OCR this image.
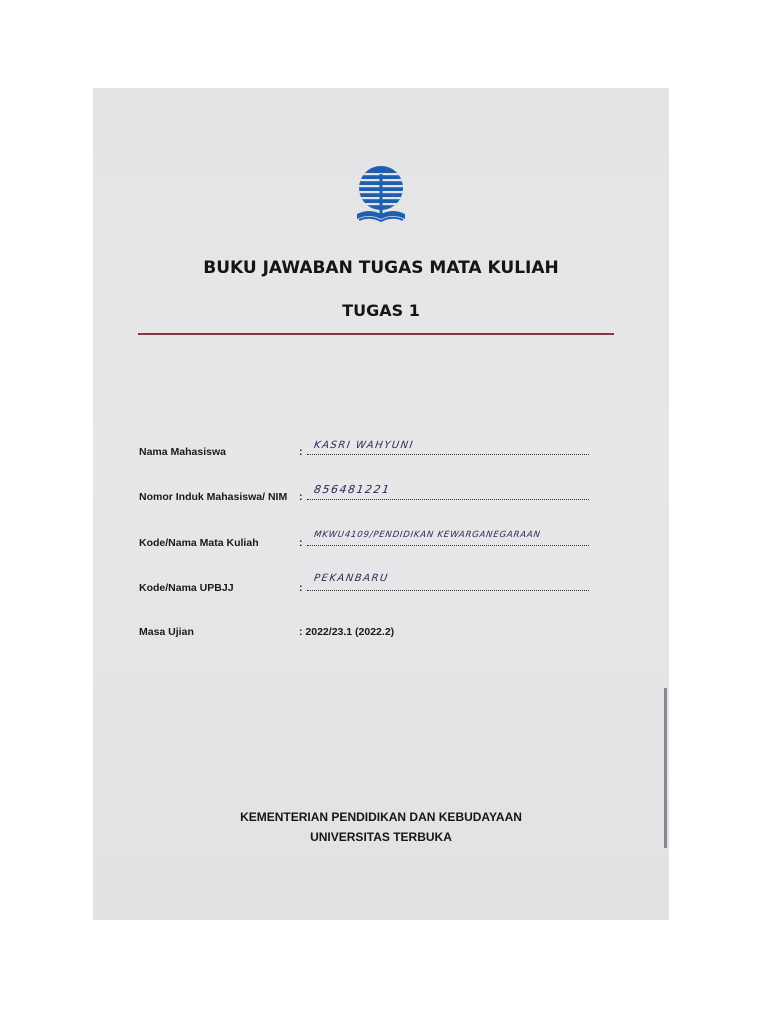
BUKU JAWABAN TUGAS MATA KULIAH
TUGAS 1
Nama Mahasiswa	:
KASRI WAHYUNI
Nomor Induk Mahasiswa/ NIM :
856481221
Kode/Nama Mata Kuliah	:
MKWU4109/PENDIDIKAN KEWARGANEGARAAN
Kode/Nama UPBJJ	:
PEKANBARU
Masa Ujian	: 2022/23.1 (2022.2)
KEMENTERIAN PENDIDIKAN DAN KEBUDAYAAN
UNIVERSITAS TERBUKA
